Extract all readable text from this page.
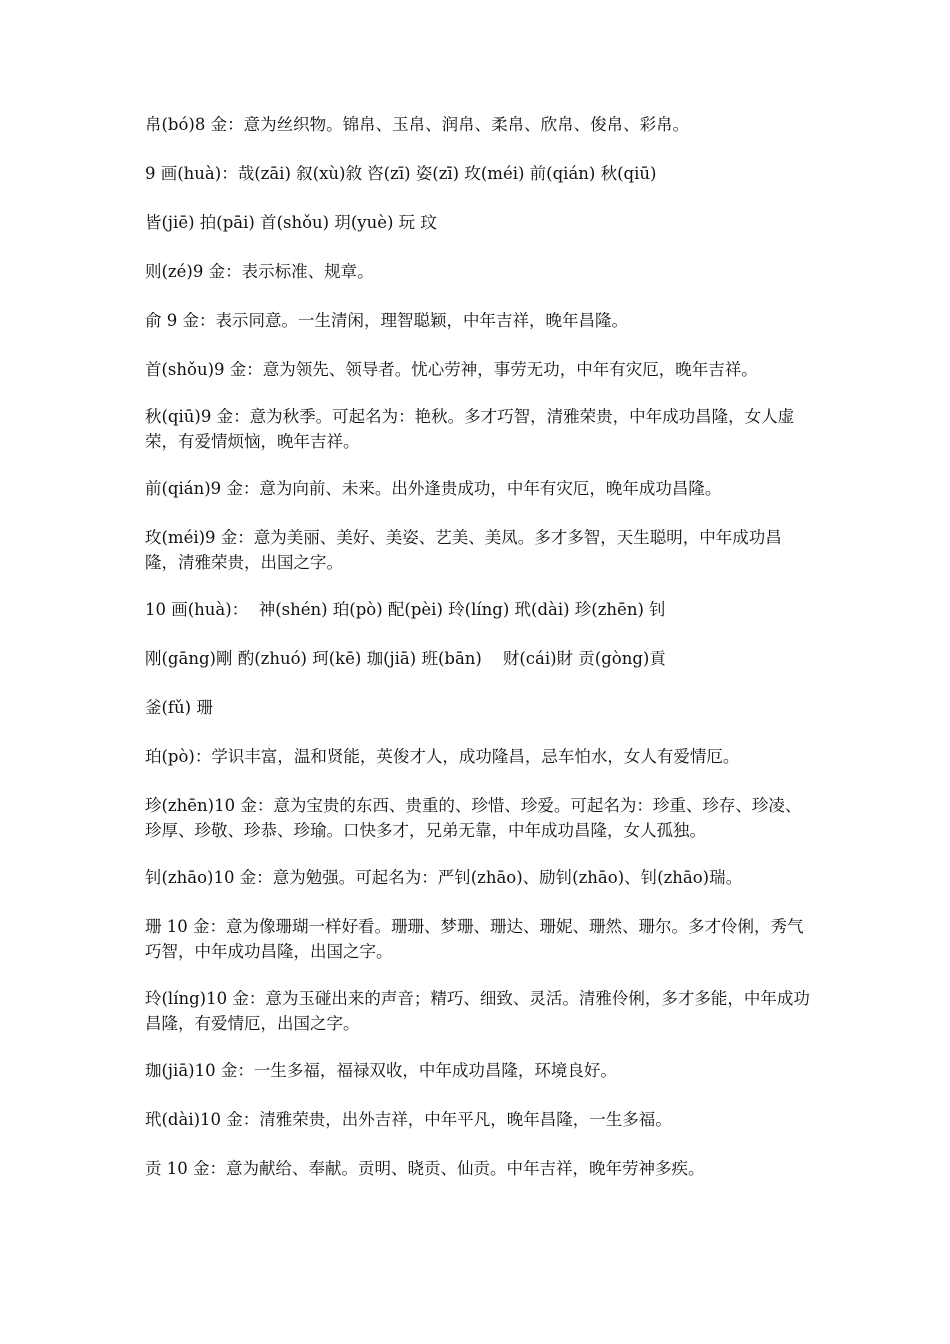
帛(bó)8 金：意为丝织物。锦帛、玉帛、润帛、柔帛、欣帛、俊帛、彩帛。

9 画(huà)：哉(zāi) 叙(xù)敘 咨(zī) 姿(zī) 玫(méi) 前(qián) 秋(qiū)

皆(jiē) 拍(pāi) 首(shǒu) 玥(yuè) 玩 玟

则(zé)9 金：表示标准、规章。

俞 9 金：表示同意。一生清闲，理智聪颖，中年吉祥，晚年昌隆。

首(shǒu)9 金：意为领先、领导者。忧心劳神，事劳无功，中年有灾厄，晚年吉祥。

秋(qiū)9 金：意为秋季。可起名为：艳秋。多才巧智，清雅荣贵，中年成功昌隆，女人虚荣，有爱情烦恼，晚年吉祥。

前(qián)9 金：意为向前、未来。出外逢贵成功，中年有灾厄，晚年成功昌隆。

玫(méi)9 金：意为美丽、美好、美姿、艺美、美凤。多才多智，天生聪明，中年成功昌隆，清雅荣贵，出国之字。

10 画(huà)：  神(shén) 珀(pò) 配(pèi) 玲(líng) 玳(dài) 珍(zhēn) 钊

刚(gāng)剛 酌(zhuó) 珂(kē) 珈(jiā) 班(bān)    财(cái)財 贡(gòng)貢

釜(fǔ) 珊

珀(pò)：学识丰富，温和贤能，英俊才人，成功隆昌，忌车怕水，女人有爱情厄。

珍(zhēn)10 金：意为宝贵的东西、贵重的、珍惜、珍爱。可起名为：珍重、珍存、珍凌、珍厚、珍敬、珍恭、珍瑜。口快多才，兄弟无靠，中年成功昌隆，女人孤独。

钊(zhāo)10 金：意为勉强。可起名为：严钊(zhāo)、励钊(zhāo)、钊(zhāo)瑞。

珊 10 金：意为像珊瑚一样好看。珊珊、梦珊、珊达、珊妮、珊然、珊尔。多才伶俐，秀气巧智，中年成功昌隆，出国之字。

玲(líng)10 金：意为玉碰出来的声音；精巧、细致、灵活。清雅伶俐，多才多能，中年成功昌隆，有爱情厄，出国之字。

珈(jiā)10 金：一生多福，福禄双收，中年成功昌隆，环境良好。

玳(dài)10 金：清雅荣贵，出外吉祥，中年平凡，晚年昌隆，一生多福。

贡 10 金：意为献给、奉献。贡明、晓贡、仙贡。中年吉祥，晚年劳神多疾。
